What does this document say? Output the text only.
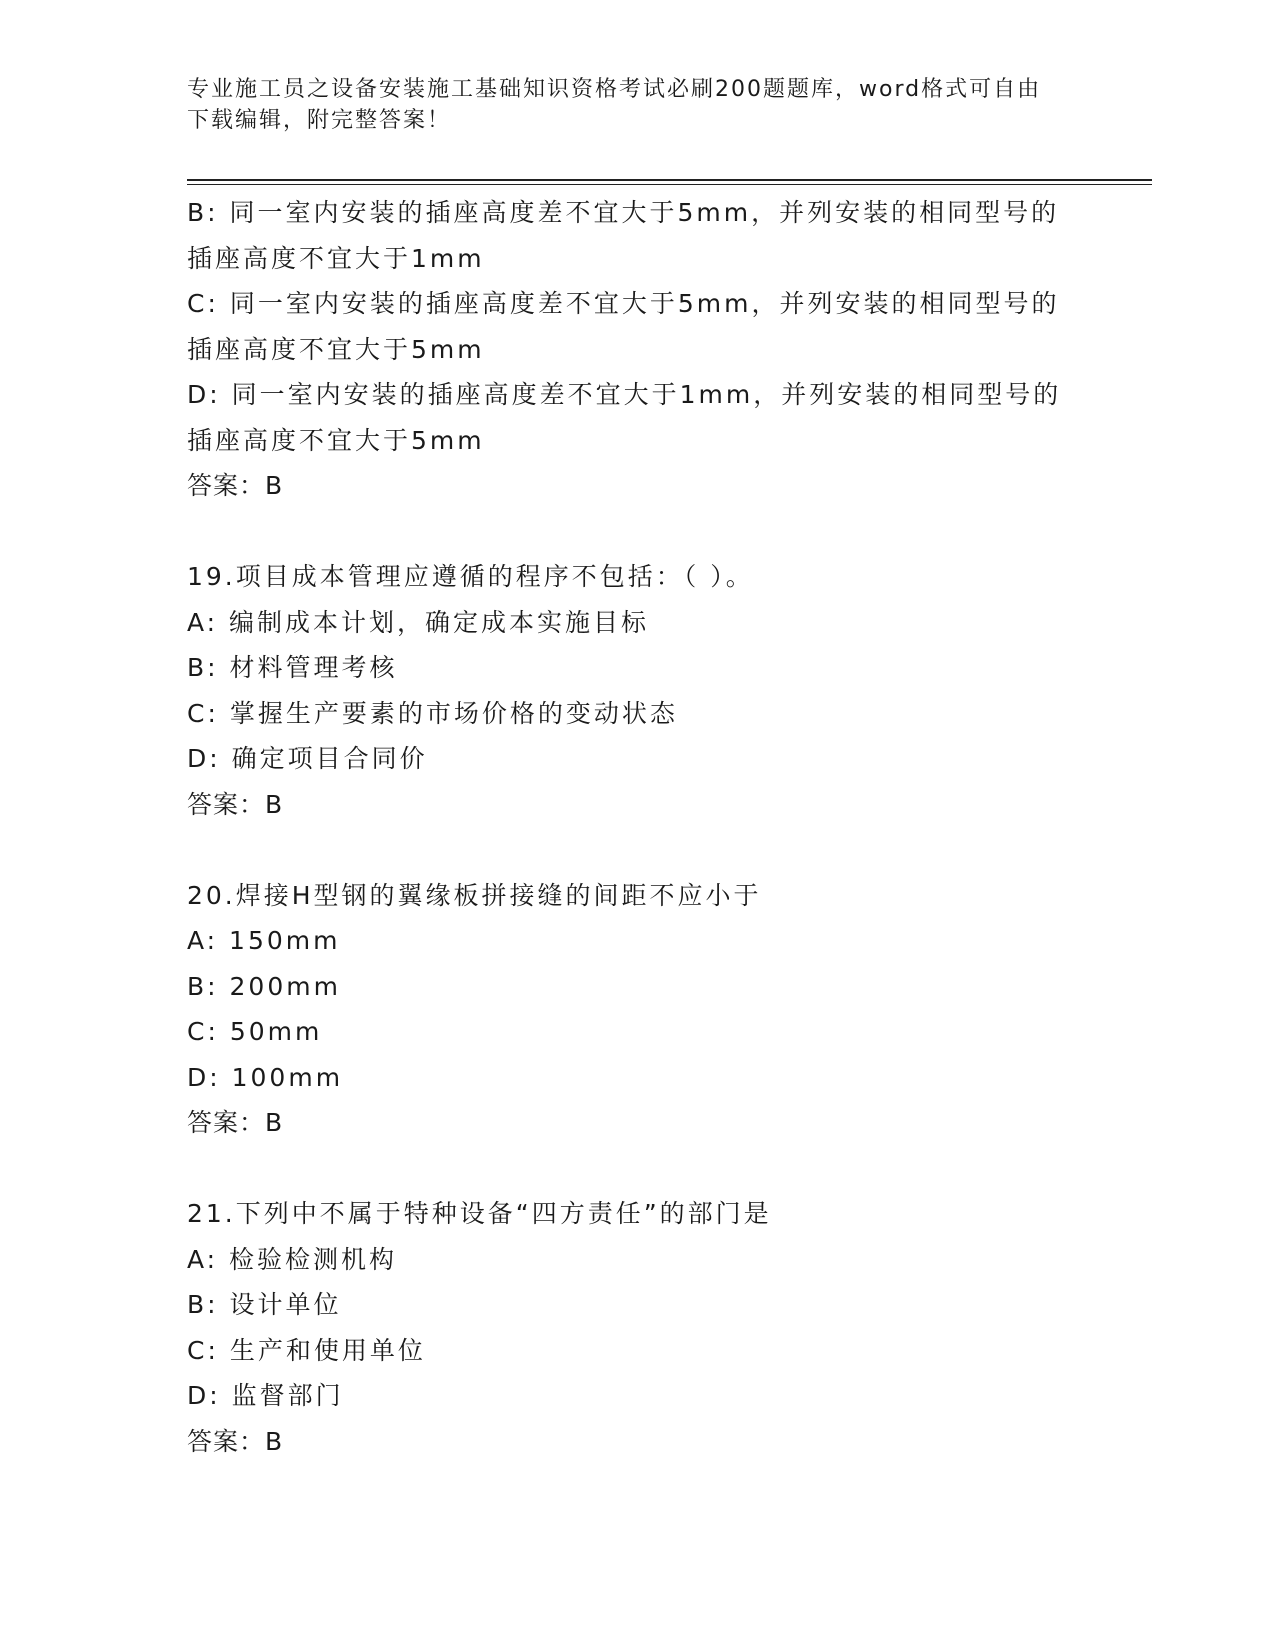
专业施工员之设备安装施工基础知识资格考试必刷200题题库，word格式可自由
下载编辑，附完整答案！
B: 同一室内安装的插座高度差不宜大于5mm，并列安装的相同型号的
插座高度不宜大于1mm
C: 同一室内安装的插座高度差不宜大于5mm，并列安装的相同型号的
插座高度不宜大于5mm
D: 同一室内安装的插座高度差不宜大于1mm，并列安装的相同型号的
插座高度不宜大于5mm
答案：B
19.项目成本管理应遵循的程序不包括：（ ）。
A: 编制成本计划，确定成本实施目标
B: 材料管理考核
C: 掌握生产要素的市场价格的变动状态
D: 确定项目合同价
答案：B
20.焊接H型钢的翼缘板拼接缝的间距不应小于
A: 150mm
B: 200mm
C: 50mm
D: 100mm
答案：B
21.下列中不属于特种设备“四方责任”的部门是
A: 检验检测机构
B: 设计单位
C: 生产和使用单位
D: 监督部门
答案：B
